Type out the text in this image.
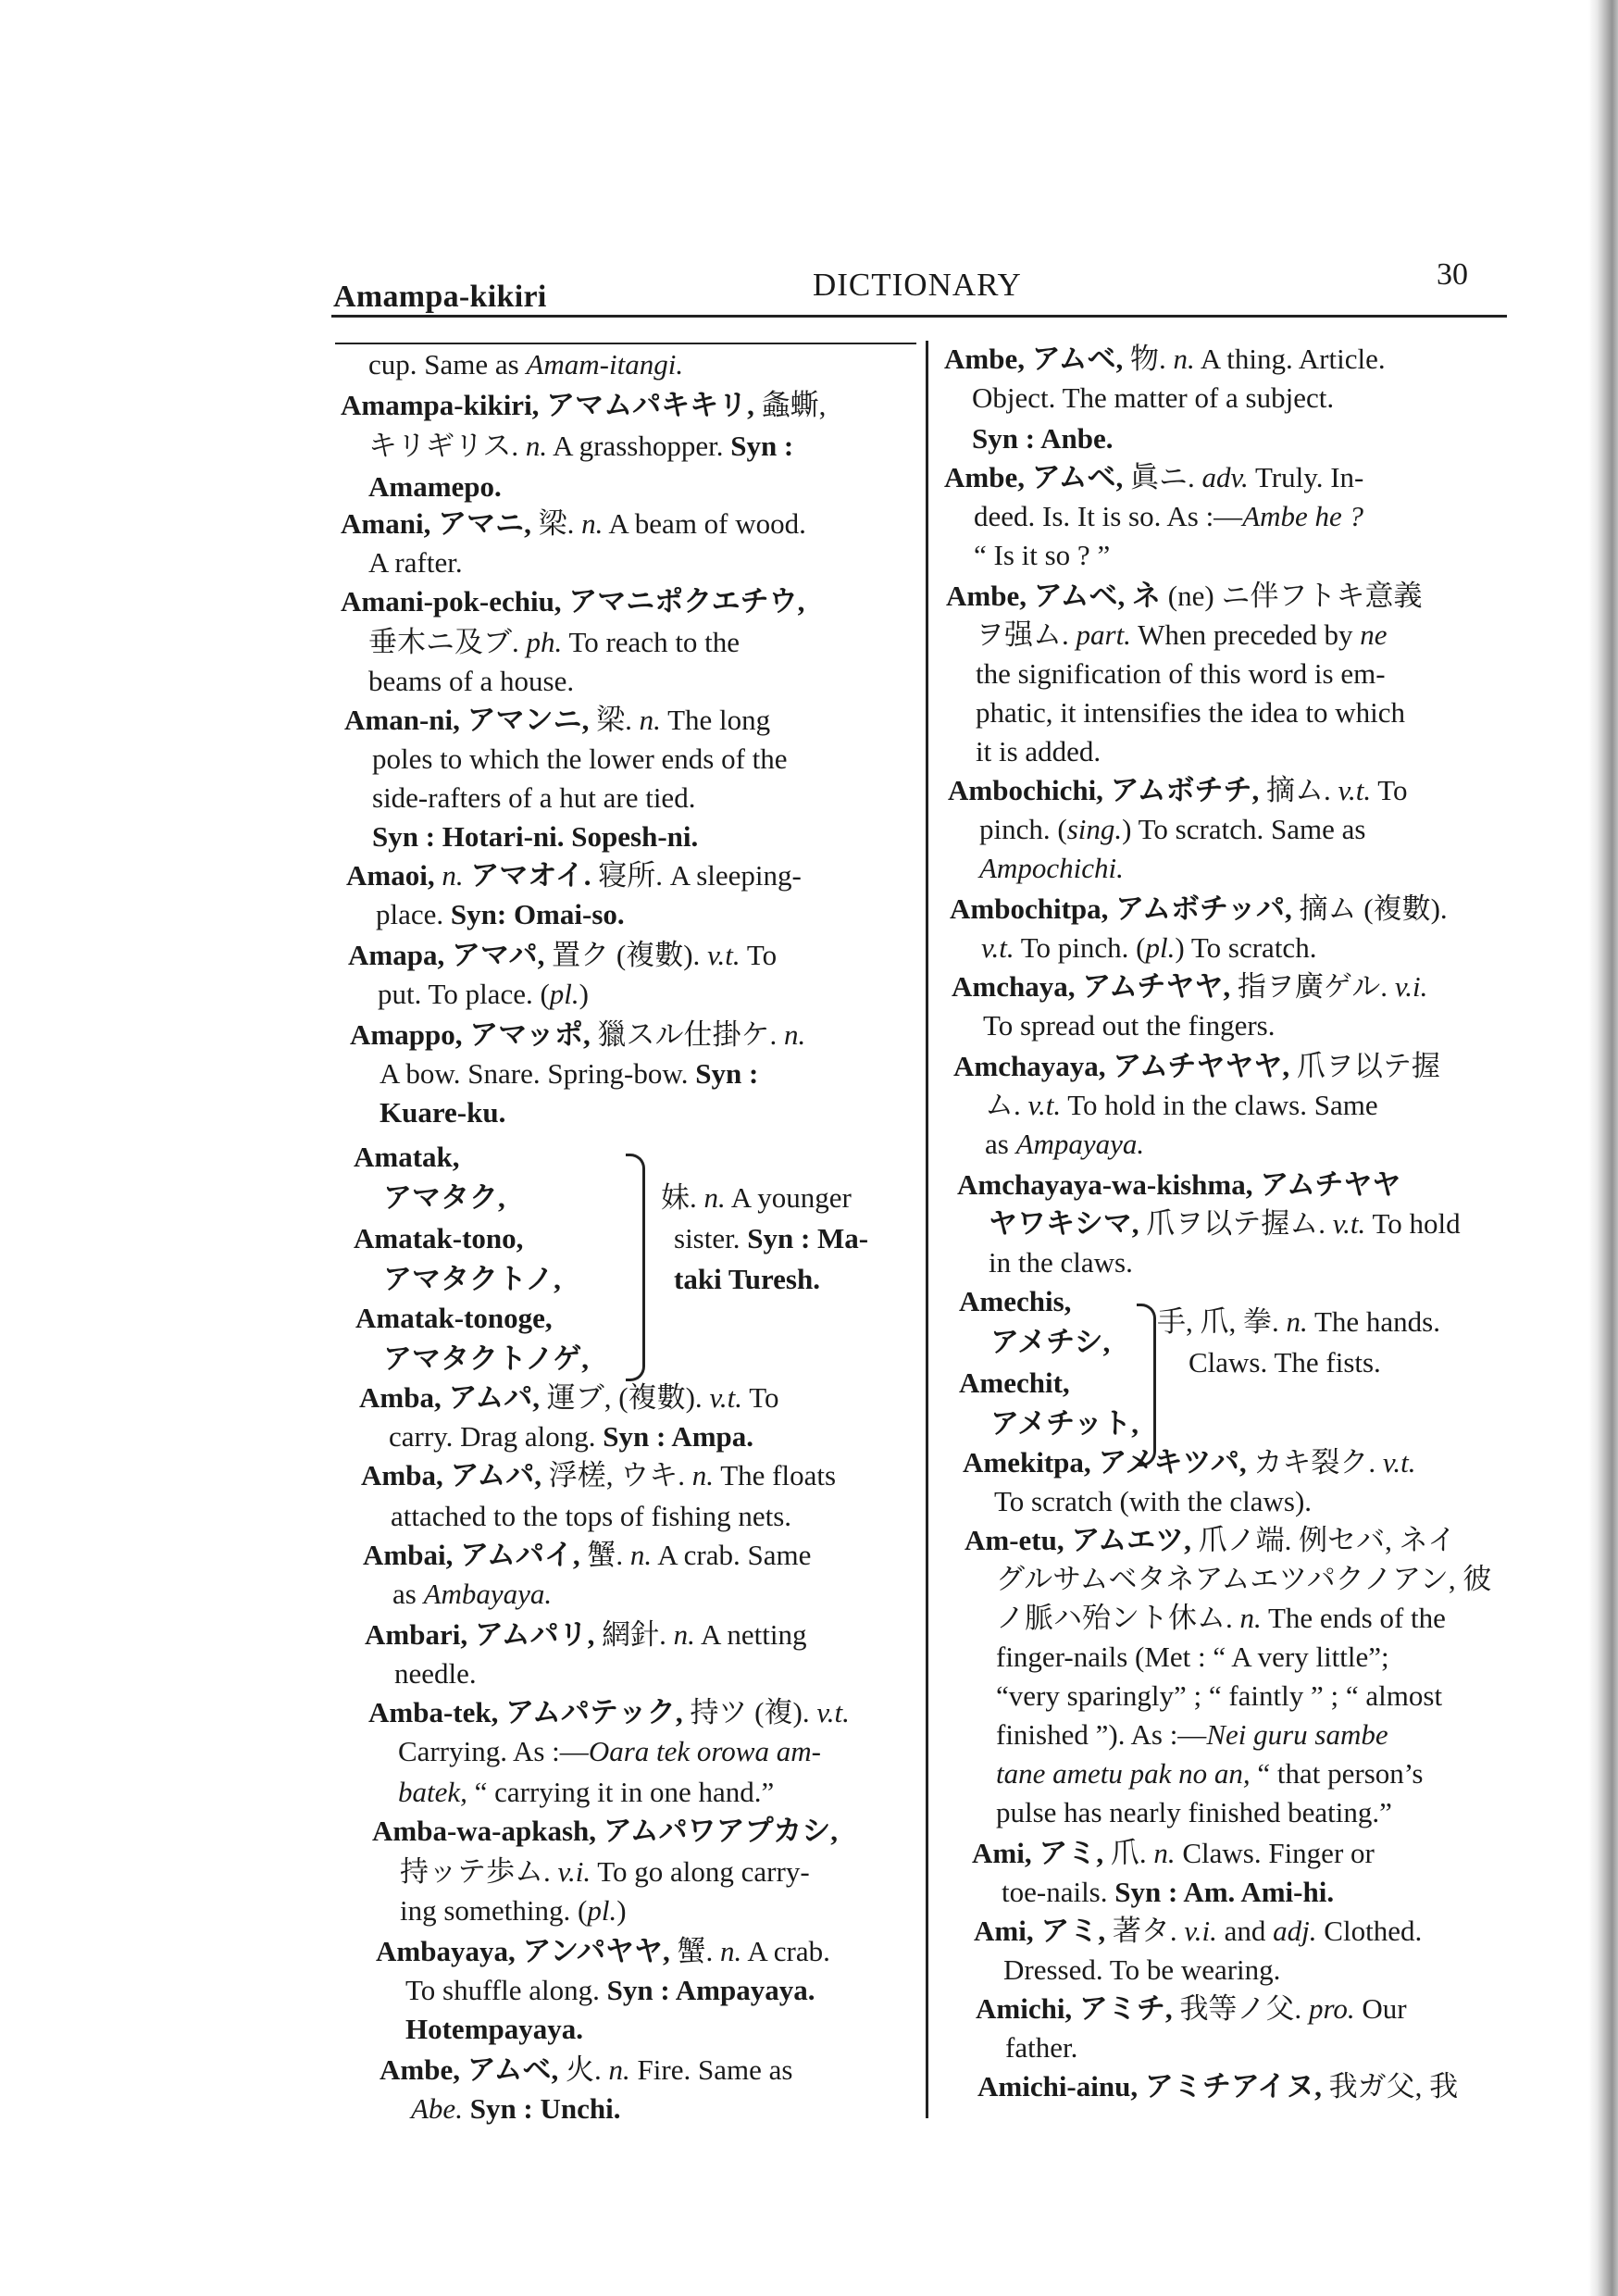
Amampa-kikiri	DICTIONARY	30
cup. Same as Amam-itangi.
Amampa-kikiri, アマムパキキリ, 螽蟖,
キリギリス. n. A grasshopper. Syn :
Amamepo.
Amani, アマニ, 梁. n. A beam of wood.
A rafter.
Amani-pok-echiu, アマニポクエチウ,
垂木ニ及ブ. ph. To reach to the
beams of a house.
Aman-ni, アマンニ, 梁. n. The long
poles to which the lower ends of the
side-rafters of a hut are tied.
Syn : Hotari-ni. Sopesh-ni.
Amaoi, n. アマオイ. 寝所. A sleeping-
place. Syn: Omai-so.
Amapa, アマパ, 置ク (複數). v.t. To
put. To place. (pl.)
Amappo, アマッポ, 獵スル仕掛ケ. n.
A bow. Snare. Spring-bow. Syn :
Kuare-ku.
Amatak,
アマタク,
Amatak-tono,
アマタクトノ,
Amatak-tonoge,
アマタクトノゲ,
妹. n. A younger
sister. Syn : Ma-
taki Turesh.
Amba, アムパ, 運ブ, (複數). v.t. To
carry. Drag along. Syn : Ampa.
Amba, アムパ, 浮槎, ウキ. n. The floats
attached to the tops of fishing nets.
Ambai, アムパイ, 蟹. n. A crab. Same
as Ambayaya.
Ambari, アムパリ, 網針. n. A netting
needle.
Amba-tek, アムパテック, 持ツ (複). v.t.
Carrying. As :—Oara tek orowa am-
batek, “ carrying it in one hand.”
Amba-wa-apkash, アムパワアプカシ,
持ッテ歩ム. v.i. To go along carry-
ing something. (pl.)
Ambayaya, アンパヤヤ, 蟹. n. A crab.
To shuffle along. Syn : Ampayaya.
Hotempayaya.
Ambe, アムベ, 火. n. Fire. Same as
Abe. Syn : Unchi.
Ambe, アムベ, 物. n. A thing. Article.
Object. The matter of a subject.
Syn : Anbe.
Ambe, アムベ, 眞ニ. adv. Truly. In-
deed. Is. It is so. As :—Ambe he ?
“ Is it so ? ”
Ambe, アムベ, ネ (ne) ニ伴フトキ意義
ヲ强ム. part. When preceded by ne
the signification of this word is em-
phatic, it intensifies the idea to which
it is added.
Ambochichi, アムボチチ, 摘ム. v.t. To
pinch. (sing.) To scratch. Same as
Ampochichi.
Ambochitpa, アムボチッパ, 摘ム (複數).
v.t. To pinch. (pl.) To scratch.
Amchaya, アムチヤヤ, 指ヲ廣ゲル. v.i.
To spread out the fingers.
Amchayaya, アムチヤヤヤ, 爪ヲ以テ握
ム. v.t. To hold in the claws. Same
as Ampayaya.
Amchayaya-wa-kishma, アムチヤヤ
ヤワキシマ, 爪ヲ以テ握ム. v.t. To hold
in the claws.
Amechis,
アメチシ,
Amechit,
アメチット,
手, 爪, 拳. n. The hands.
Claws. The fists.
Amekitpa, アメキツパ, カキ裂ク. v.t.
To scratch (with the claws).
Am-etu, アムエツ, 爪ノ端. 例セバ, ネイ
グルサムベタネアムエツパクノアン, 彼
ノ脈ハ殆ント休ム. n. The ends of the
finger-nails (Met : “ A very little”;
“very sparingly” ; “ faintly ” ; “ almost
finished ”). As :—Nei guru sambe
tane ametu pak no an, “ that person’s
pulse has nearly finished beating.”
Ami, アミ, 爪. n. Claws. Finger or
toe-nails. Syn : Am. Ami-hi.
Ami, アミ, 著タ. v.i. and adj. Clothed.
Dressed. To be wearing.
Amichi, アミチ, 我等ノ父. pro. Our
father.
Amichi-ainu, アミチアイヌ, 我ガ父, 我
